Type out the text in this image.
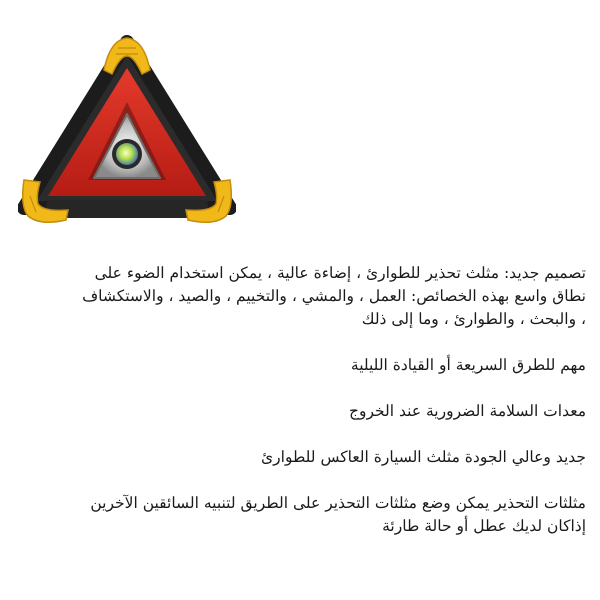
تصميم جديد: مثلث تحذير للطوارئ ، إضاءة عالية ، يمكن استخدام الضوء على

نطاق واسع بهذه الخصائص: العمل ، والمشي ، والتخييم ، والصيد ، والاستكشاف

، والبحث ، والطوارئ ، وما إلى ذلك

مهم للطرق السريعة أو القيادة الليلية

معدات السلامة الضرورية عند الخروج

جديد وعالي الجودة مثلث السيارة العاكس للطوارئ

مثلثات التحذير يمكن وضع مثلثات التحذير على الطريق لتنبيه السائقين الآخرين

إذاكان لديك عطل أو حالة طارئة
